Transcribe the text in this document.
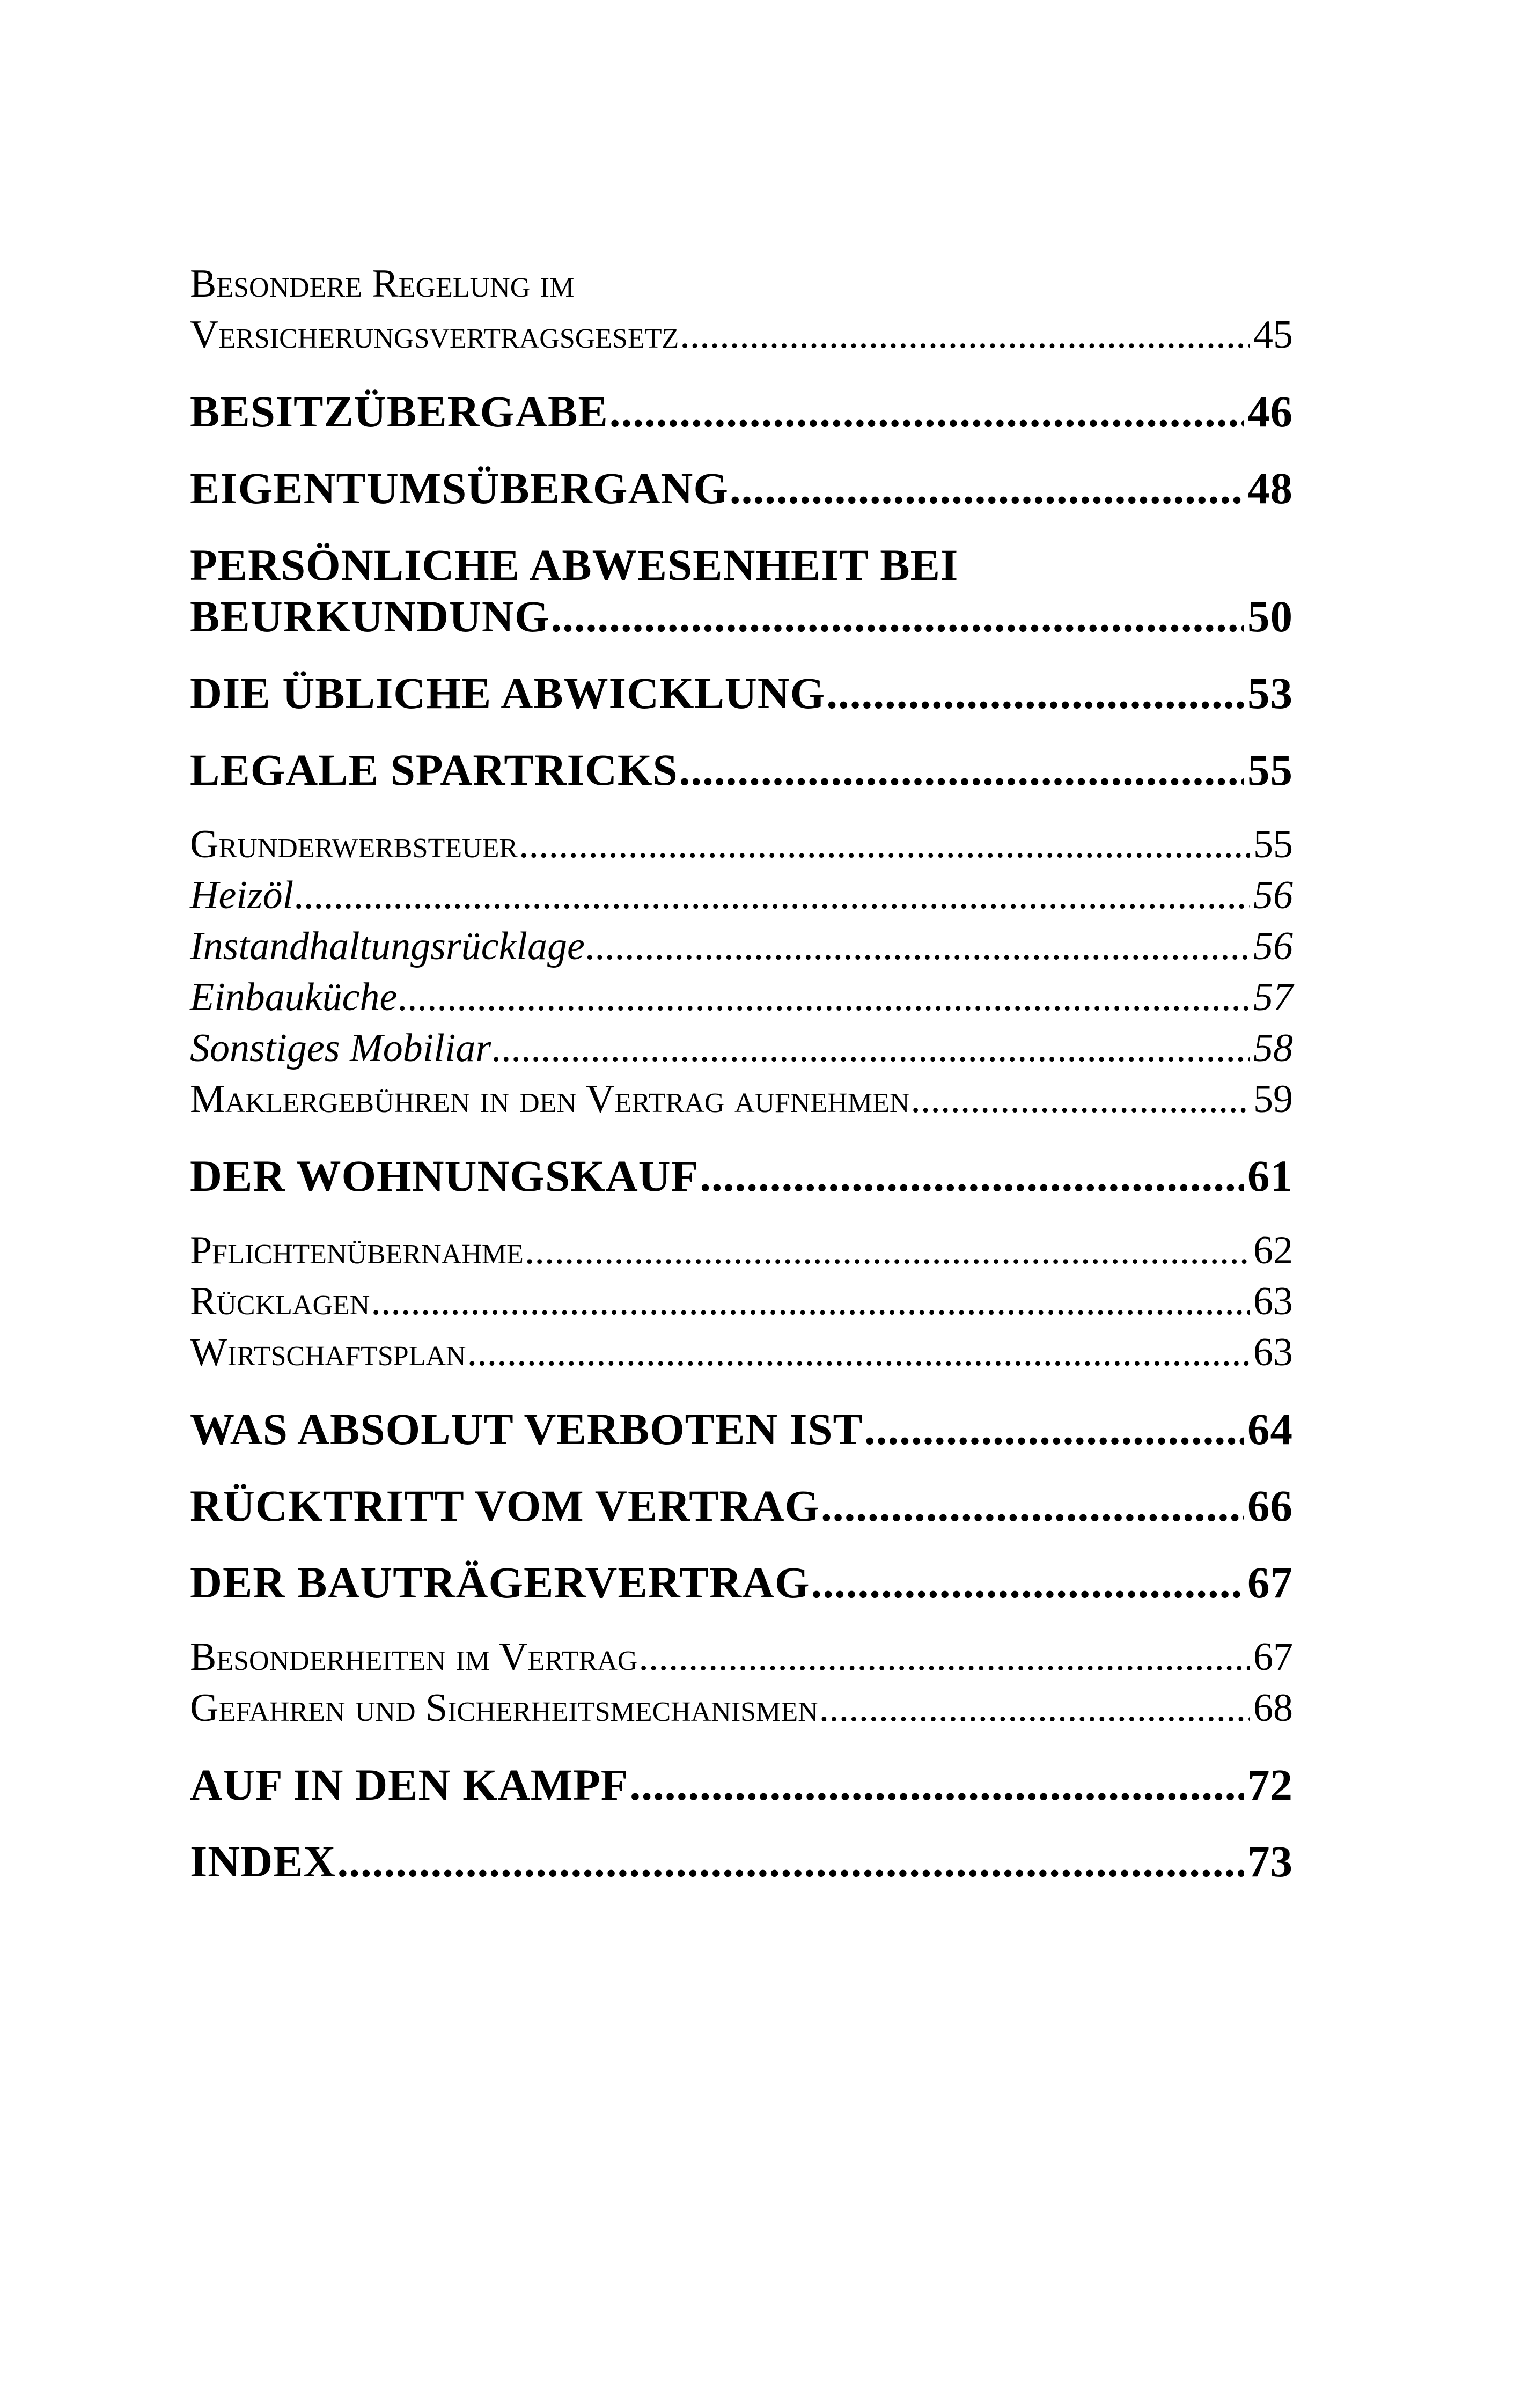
Besondere Regelung im
Versicherungsvertragsgesetz .....	45
BESITZÜBERGABE .....	46
EIGENTUMSÜBERGANG .....	48
PERSÖNLICHE ABWESENHEIT BEI
BEURKUNDUNG .....	50
DIE ÜBLICHE ABWICKLUNG .....	53
LEGALE SPARTRICKS .....	55
Grunderwerbsteuer .....	55
Heizöl .....	56
Instandhaltungsrücklage .....	56
Einbauküche .....	57
Sonstiges Mobiliar .....	58
Maklergebühren in den Vertrag aufnehmen .....	59
DER WOHNUNGSKAUF .....	61
Pflichtenübernahme .....	62
Rücklagen .....	63
Wirtschaftsplan .....	63
WAS ABSOLUT VERBOTEN IST .....	64
RÜCKTRITT VOM VERTRAG .....	66
DER BAUTRÄGERVERTRAG .....	67
Besonderheiten im Vertrag .....	67
Gefahren und Sicherheitsmechanismen .....	68
AUF IN DEN KAMPF .....	72
INDEX .....	73
